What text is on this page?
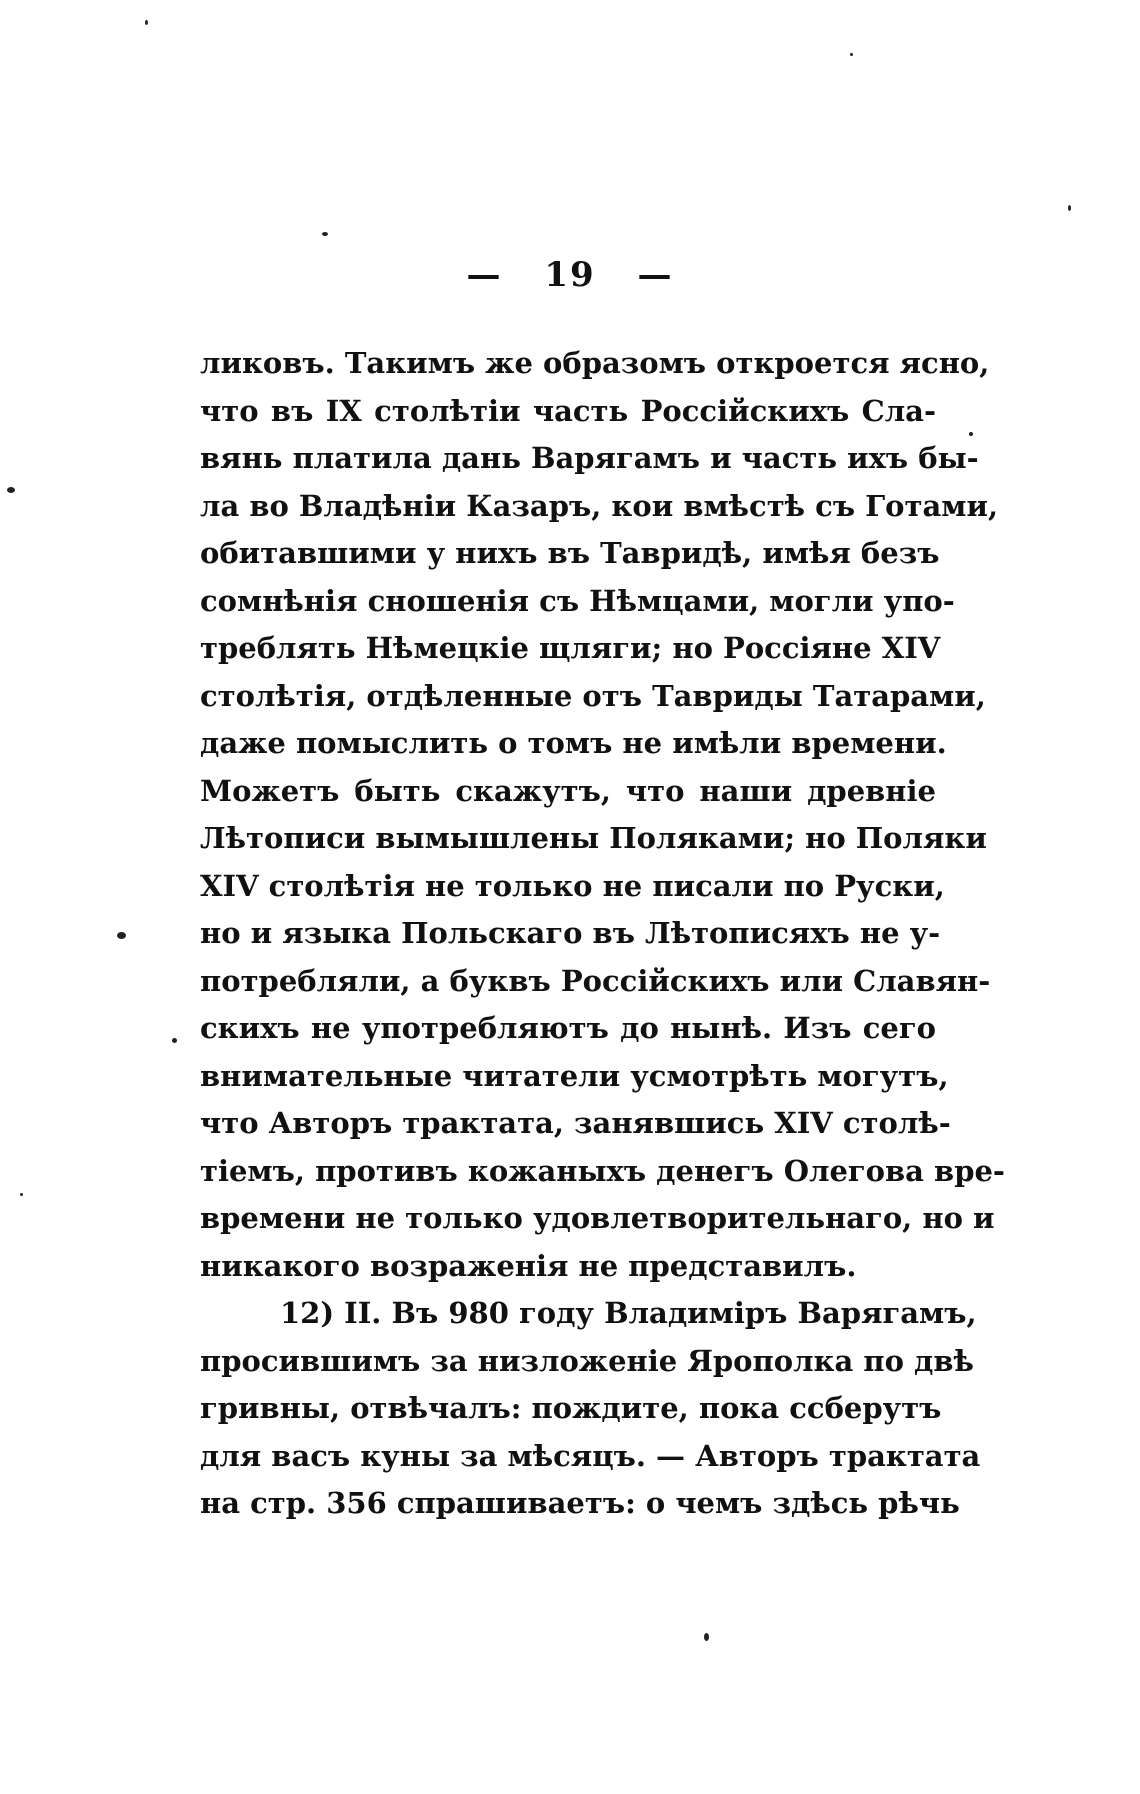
— 19 —
ликовъ. Такимъ же образомъ откроется ясно,
что въ IX столѣтіи часть Россійскихъ Сла-
вянь платила дань Варягамъ и часть ихъ бы-
ла во Владѣніи Казаръ, кои вмѣстѣ съ Готами,
обитавшими у нихъ въ Тавридѣ, имѣя безъ
сомнѣнія сношенія съ Нѣмцами, могли упо-
треблять Нѣмецкіе щляги; но Россіяне XIV
столѣтія, отдѣленные отъ Тавриды Татарами,
даже помыслить о томъ не имѣли времени.
Можетъ быть скажутъ, что наши древніе
Лѣтописи вымышлены Поляками; но Поляки
XIV столѣтія не только не писали по Руски,
но и языка Польскаго въ Лѣтописяхъ не у-
потребляли, а буквъ Россійскихъ или Славян-
скихъ не употребляютъ до нынѣ. Изъ сего
внимательные читатели усмотрѣть могутъ,
что Авторъ трактата, занявшись XIV столѣ-
тіемъ, противъ кожаныхъ денегъ Олегова вре-
времени не только удовлетворительнаго, но и
никакого возраженія не представилъ.
12) II. Въ 980 году Владиміръ Варягамъ,
просившимъ за низложеніе Ярополка по двѣ
гривны, отвѣчалъ: пождите, пока ссберутъ
для васъ куны за мѣсяцъ. — Авторъ трактата
на стр. 356 спрашиваетъ: о чемъ здѣсь рѣчь
